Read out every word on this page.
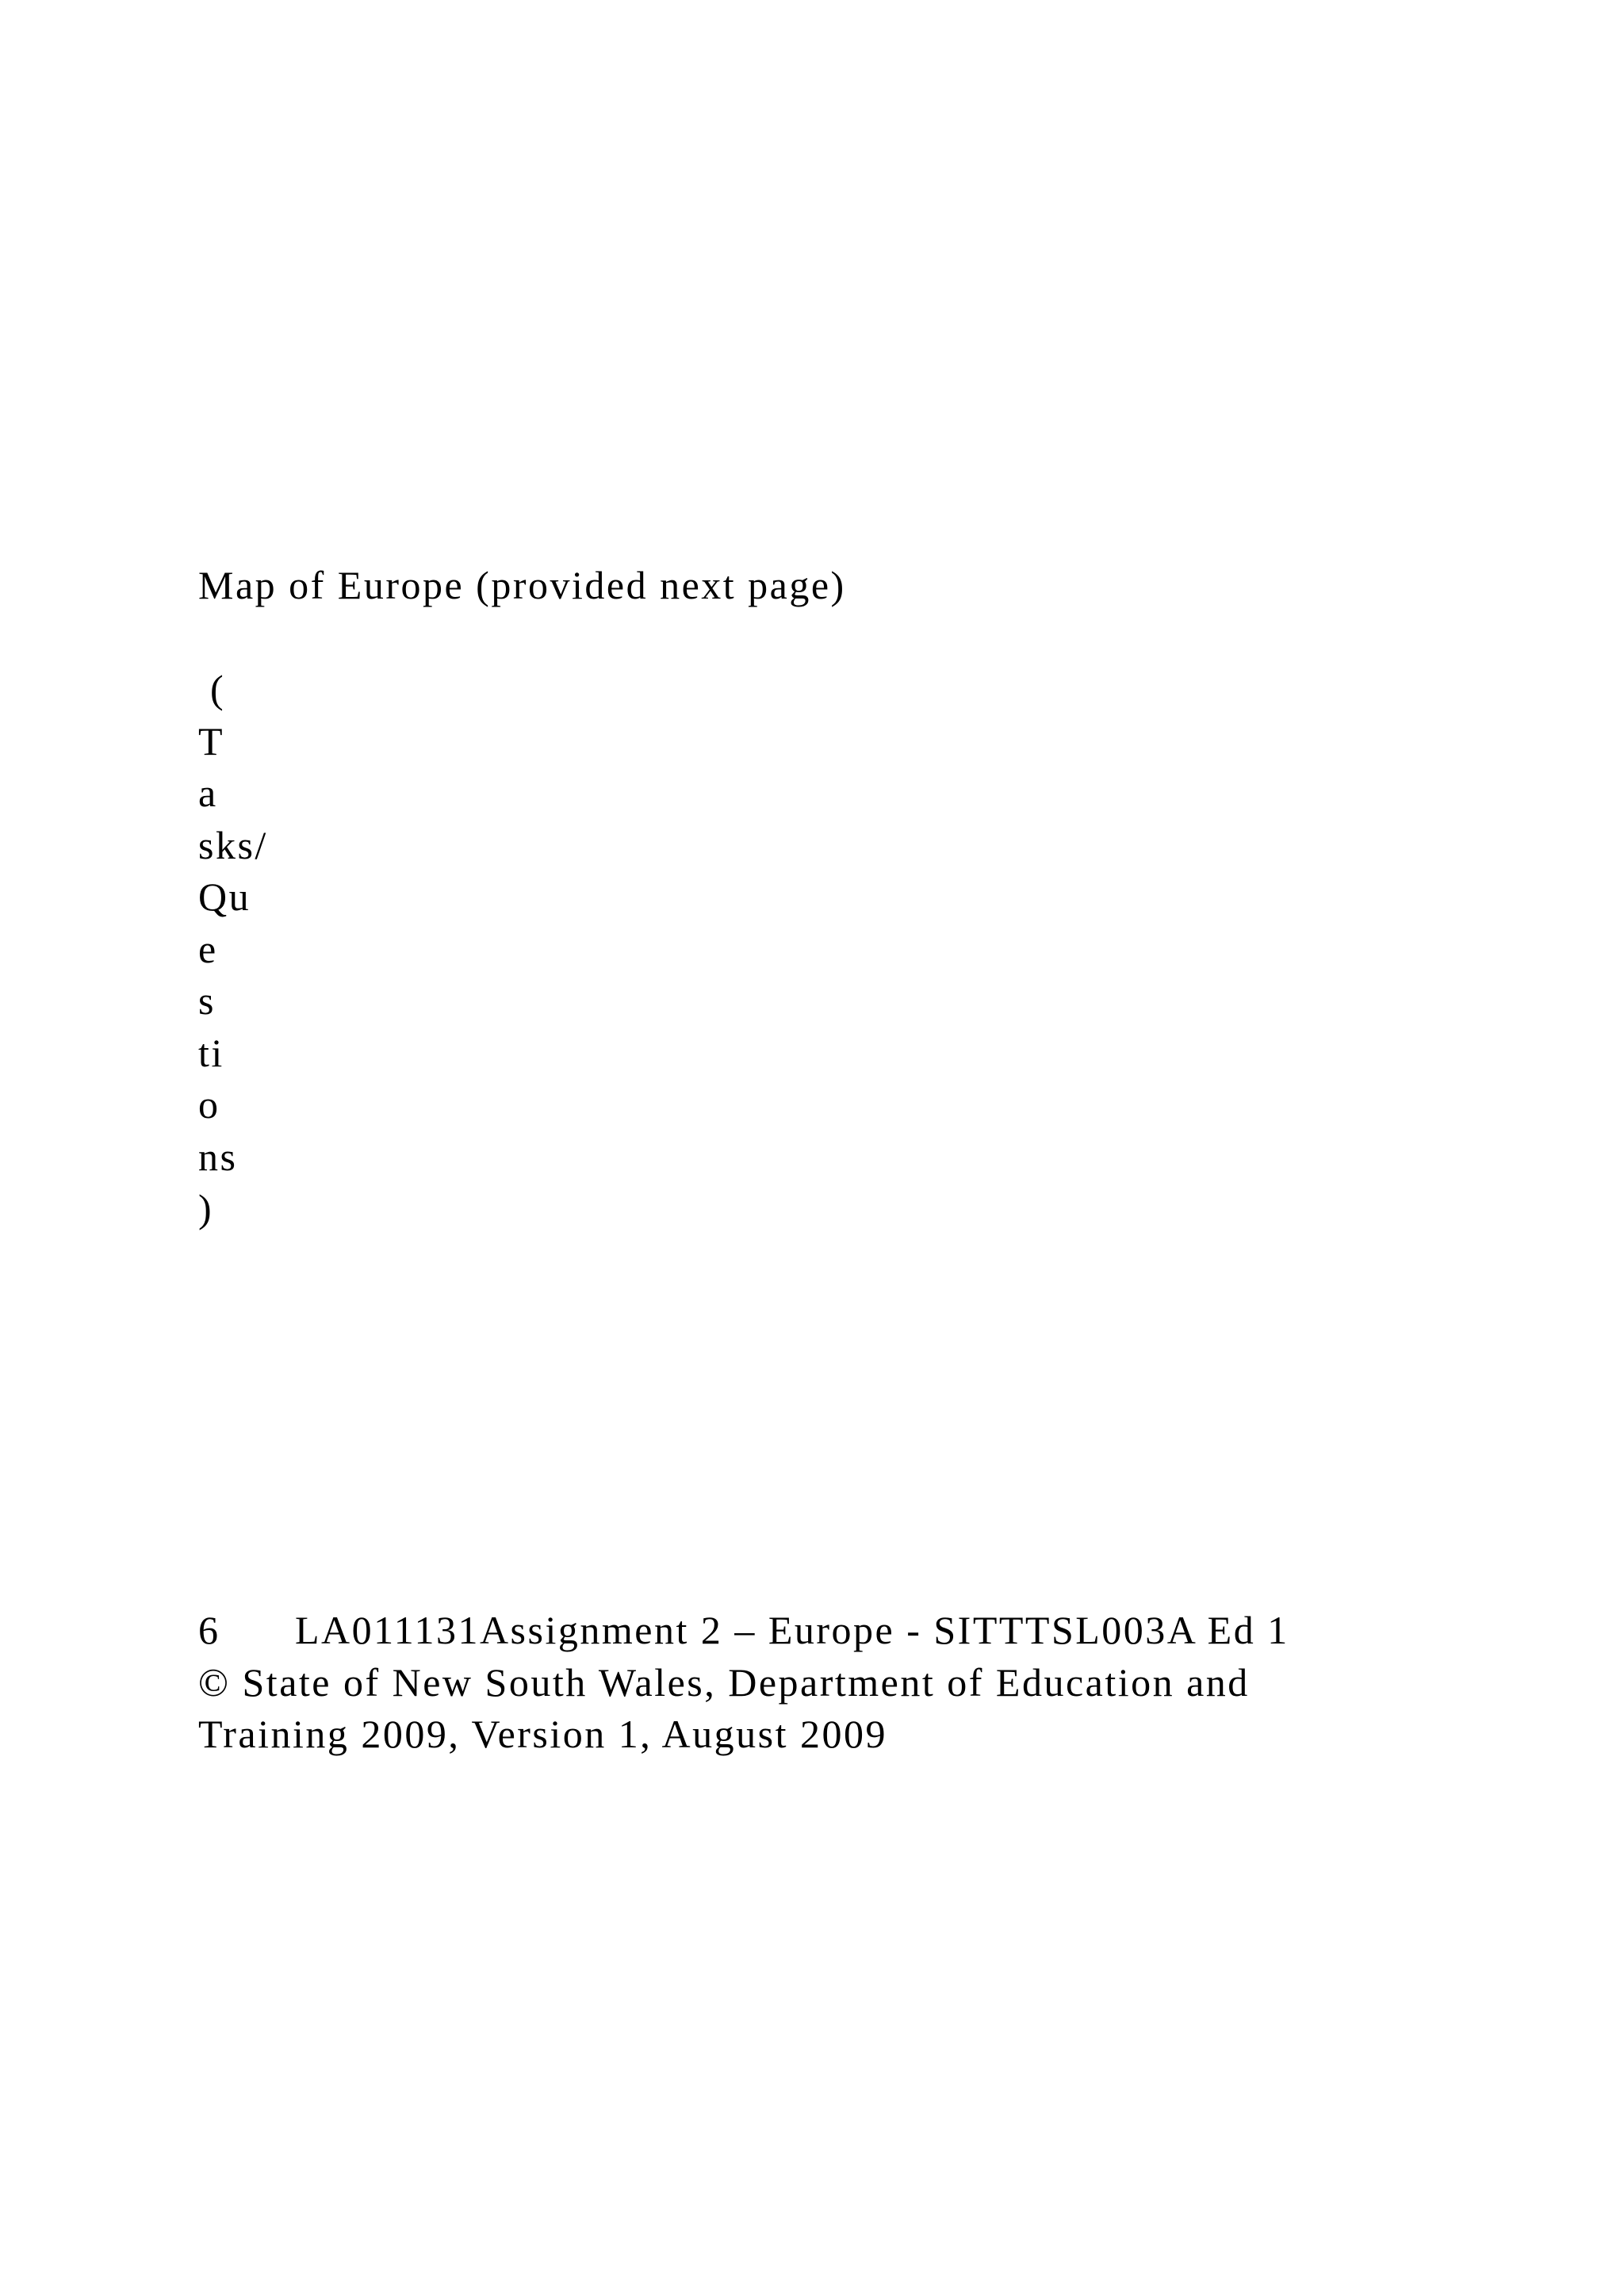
Map of Europe (provided next page)

(
T
a
sks/
Qu
e
s
ti
o
ns
)
6 LA011131Assignment 2 – Europe - SITTTSL003A Ed 1
© State of New South Wales, Department of Education and
Training 2009, Version 1, August 2009
